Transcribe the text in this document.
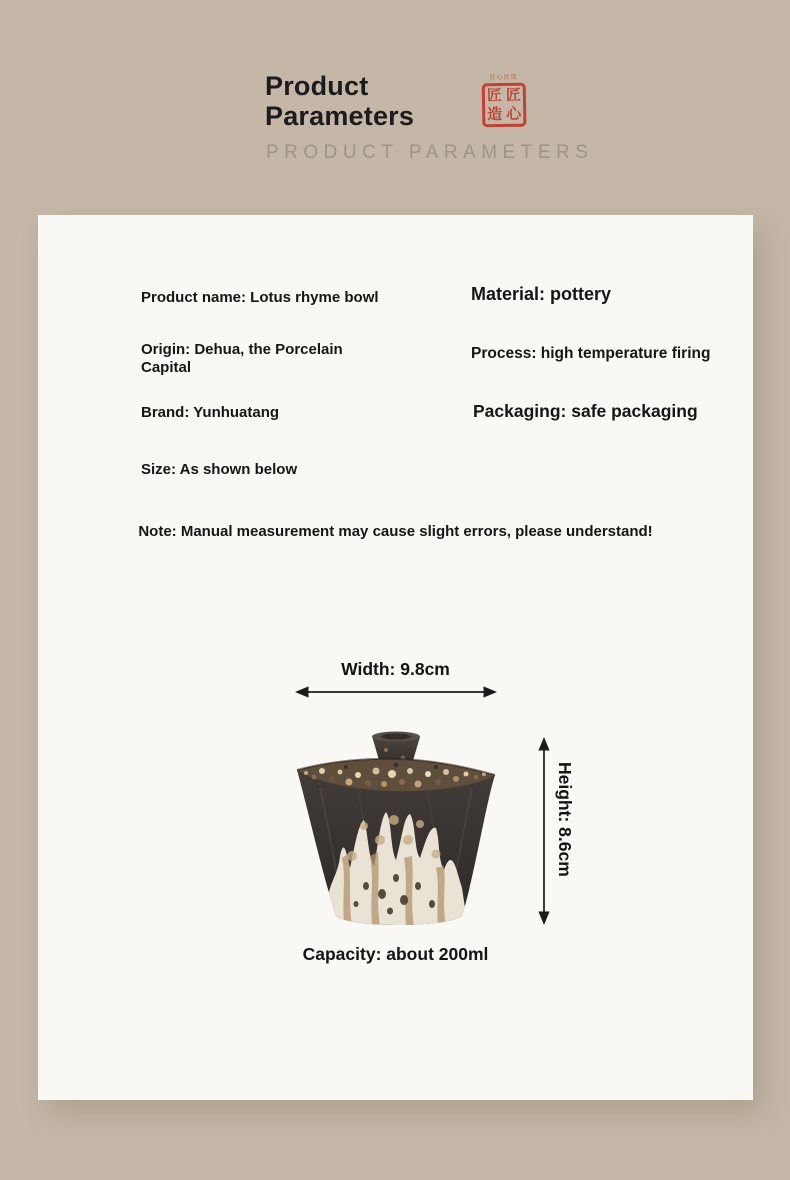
Product
Parameters
匠心匠造
匠 匠
造 心
PRODUCT PARAMETERS
Product name: Lotus rhyme bowl	Material: pottery
Origin: Dehua, the Porcelain Capital
Process: high temperature firing
Brand: Yunhuatang	Packaging: safe packaging
Size: As shown below
Note: Manual measurement may cause slight errors, please understand!
Width: 9.8cm
Height: 8.6cm
Capacity: about 200ml
